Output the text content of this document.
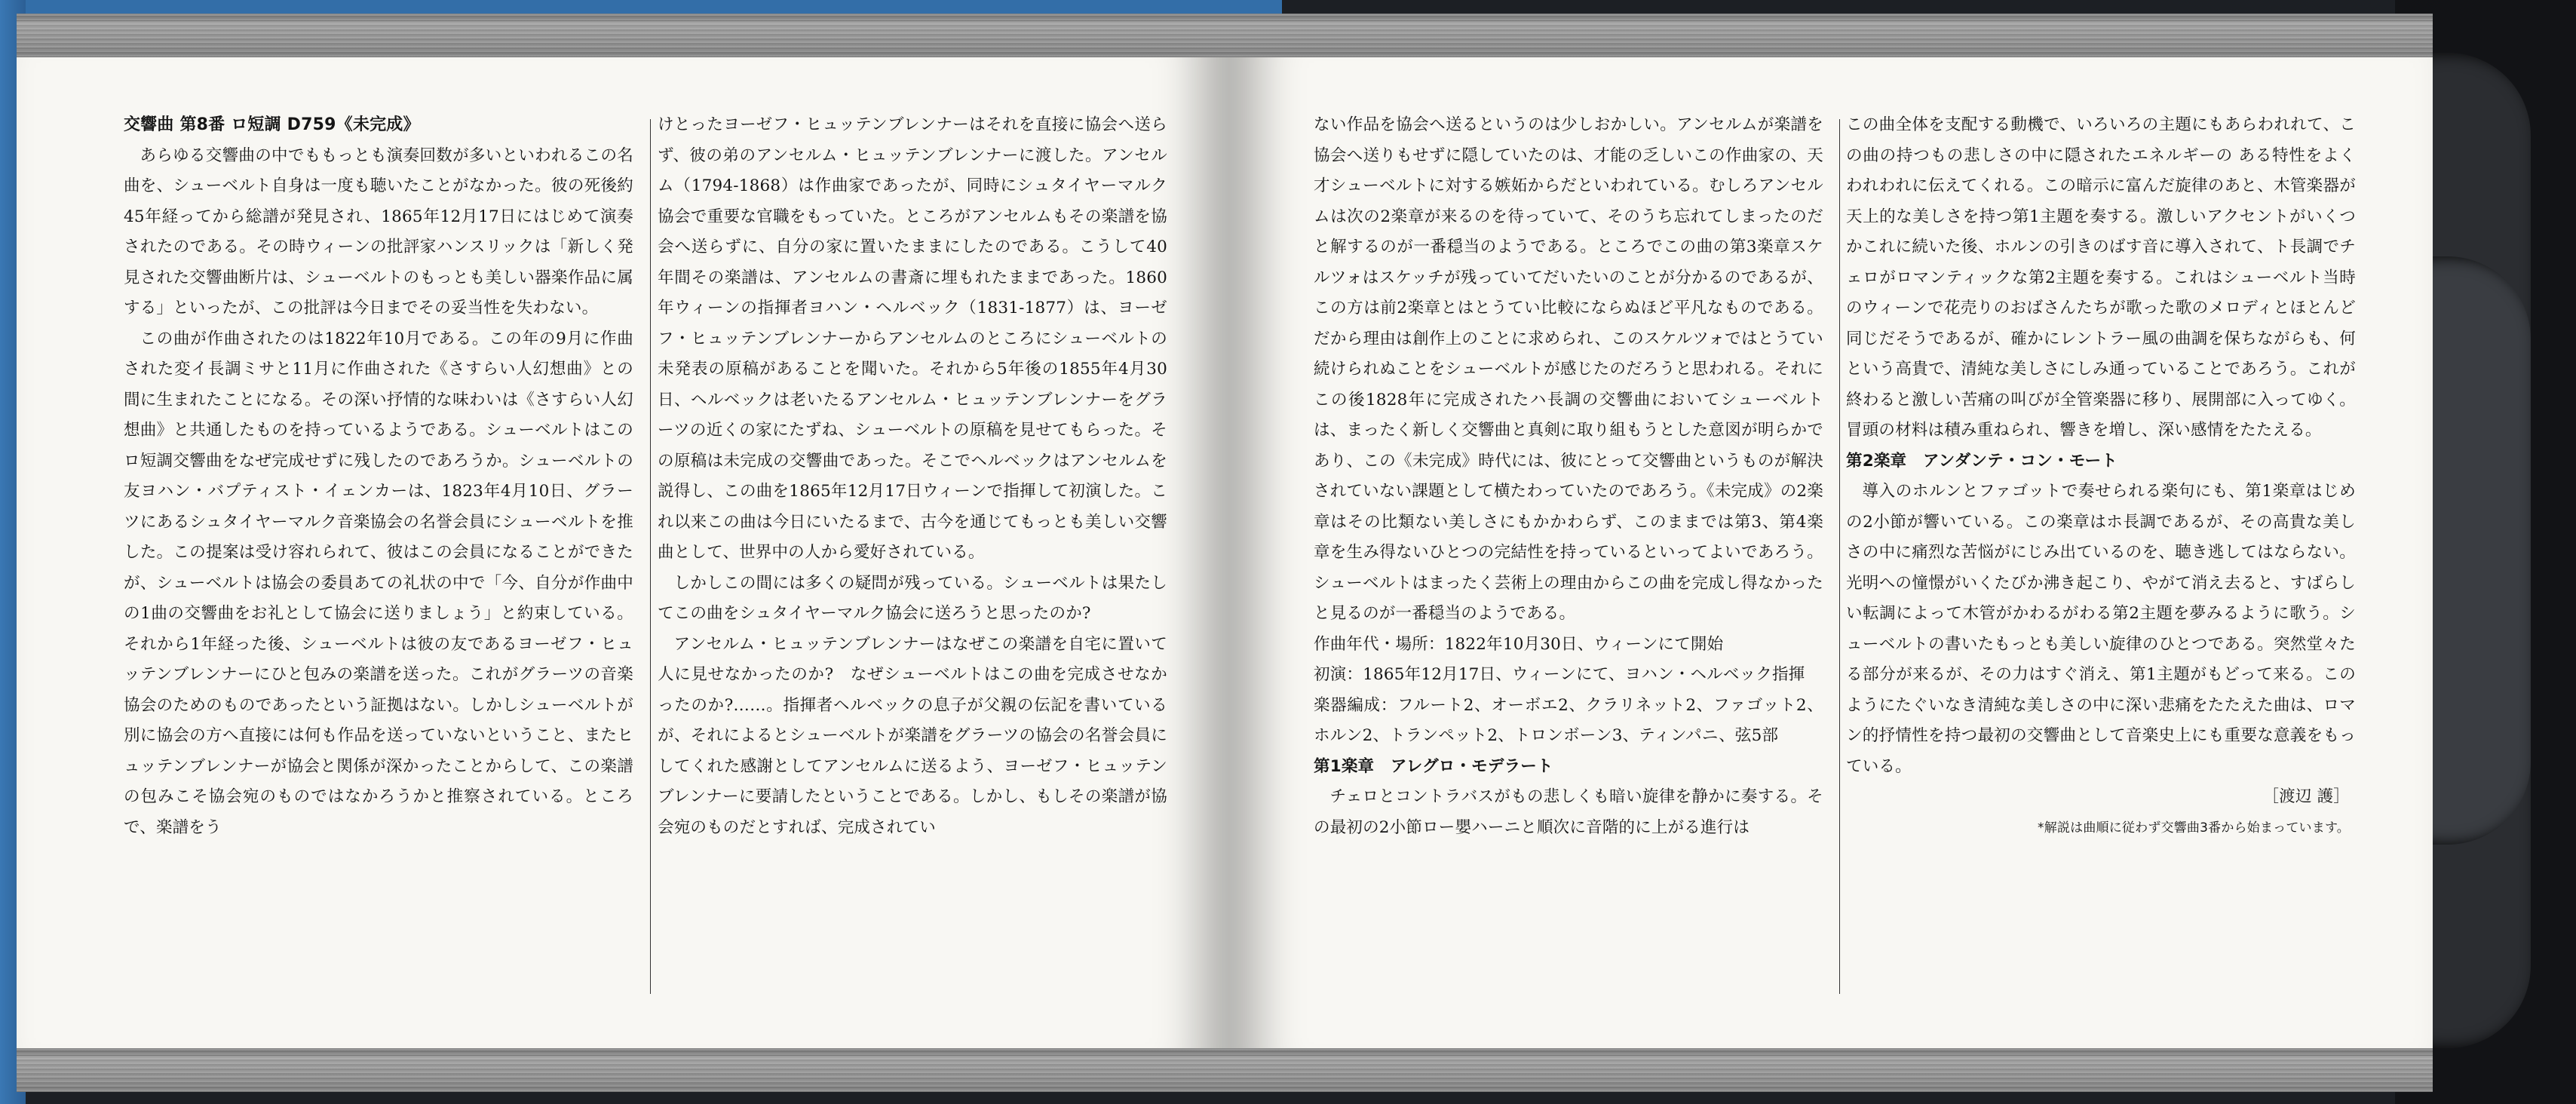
交響曲 第8番 ロ短調 D759《未完成》

あらゆる交響曲の中でももっとも演奏回数が多いといわれるこの名曲を、シューベルト自身は一度も聴いたことがなかった。彼の死後約45年経ってから総譜が発見され、1865年12月17日にはじめて演奏されたのである。その時ウィーンの批評家ハンスリックは「新しく発見された交響曲断片は、シューベルトのもっとも美しい器楽作品に属する」といったが、この批評は今日までその妥当性を失わない。

この曲が作曲されたのは1822年10月である。この年の9月に作曲された変イ長調ミサと11月に作曲された《さすらい人幻想曲》との間に生まれたことになる。その深い抒情的な味わいは《さすらい人幻想曲》と共通したものを持っているようである。シューベルトはこのロ短調交響曲をなぜ完成せずに残したのであろうか。シューベルトの友ヨハン・バプティスト・イェンカーは、1823年4月10日、グラーツにあるシュタイヤーマルク音楽協会の名誉会員にシューベルトを推した。この提案は受け容れられて、彼はこの会員になることができたが、シューベルトは協会の委員あての礼状の中で「今、自分が作曲中の1曲の交響曲をお礼として協会に送りましょう」と約束している。それから1年経った後、シューベルトは彼の友であるヨーゼフ・ヒュッテンブレンナーにひと包みの楽譜を送った。これがグラーツの音楽協会のためのものであったという証拠はない。しかしシューベルトが別に協会の方へ直接には何も作品を送っていないということ、またヒュッテンブレンナーが協会と関係が深かったことからして、この楽譜の包みこそ協会宛のものではなかろうかと推察されている。ところで、楽譜をう

けとったヨーゼフ・ヒュッテンブレンナーはそれを直接に協会へ送らず、彼の弟のアンセルム・ヒュッテンブレンナーに渡した。アンセルム（1794-1868）は作曲家であったが、同時にシュタイヤーマルク協会で重要な官職をもっていた。ところがアンセルムもその楽譜を協会へ送らずに、自分の家に置いたままにしたのである。こうして40年間その楽譜は、アンセルムの書斎に埋もれたままであった。1860年ウィーンの指揮者ヨハン・ヘルベック（1831-1877）は、ヨーゼフ・ヒュッテンブレンナーからアンセルムのところにシューベルトの未発表の原稿があることを聞いた。それから5年後の1855年4月30日、ヘルベックは老いたるアンセルム・ヒュッテンブレンナーをグラーツの近くの家にたずね、シューベルトの原稿を見せてもらった。その原稿は未完成の交響曲であった。そこでヘルベックはアンセルムを説得し、この曲を1865年12月17日ウィーンで指揮して初演した。これ以来この曲は今日にいたるまで、古今を通じてもっとも美しい交響曲として、世界中の人から愛好されている。

しかしこの間には多くの疑問が残っている。シューベルトは果たしてこの曲をシュタイヤーマルク協会に送ろうと思ったのか?

アンセルム・ヒュッテンブレンナーはなぜこの楽譜を自宅に置いて人に見せなかったのか?　なぜシューベルトはこの曲を完成させなかったのか?……。指揮者ヘルベックの息子が父親の伝記を書いているが、それによるとシューベルトが楽譜をグラーツの協会の名誉会員にしてくれた感謝としてアンセルムに送るよう、ヨーゼフ・ヒュッテンブレンナーに要請したということである。しかし、もしその楽譜が協会宛のものだとすれば、完成されてい

ない作品を協会へ送るというのは少しおかしい。アンセルムが楽譜を協会へ送りもせずに隠していたのは、才能の乏しいこの作曲家の、天才シューベルトに対する嫉妬からだといわれている。むしろアンセルムは次の2楽章が来るのを待っていて、そのうち忘れてしまったのだと解するのが一番穏当のようである。ところでこの曲の第3楽章スケルツォはスケッチが残っていてだいたいのことが分かるのであるが、この方は前2楽章とはとうてい比較にならぬほど平凡なものである。だから理由は創作上のことに求められ、このスケルツォではとうてい続けられぬことをシューベルトが感じたのだろうと思われる。それにこの後1828年に完成されたハ長調の交響曲においてシューベルトは、まったく新しく交響曲と真剣に取り組もうとした意図が明らかであり、この《未完成》時代には、彼にとって交響曲というものが解決されていない課題として横たわっていたのであろう。《未完成》の2楽章はその比類ない美しさにもかかわらず、このままでは第3、第4楽章を生み得ないひとつの完結性を持っているといってよいであろう。シューベルトはまったく芸術上の理由からこの曲を完成し得なかったと見るのが一番穏当のようである。

作曲年代・場所：1822年10月30日、ウィーンにて開始

初演：1865年12月17日、ウィーンにて、ヨハン・ヘルベック指揮

楽器編成：フルート2、オーボエ2、クラリネット2、ファゴット2、ホルン2、トランペット2、トロンボーン3、ティンパニ、弦5部

第1楽章　アレグロ・モデラート

チェロとコントラバスがもの悲しくも暗い旋律を静かに奏する。その最初の2小節ロー嬰ハーニと順次に音階的に上がる進行は

この曲全体を支配する動機で、いろいろの主題にもあらわれれて、この曲の持つもの悲しさの中に隠されたエネルギーの ある特性をよくわれわれに伝えてくれる。この暗示に富んだ旋律のあと、木管楽器が天上的な美しさを持つ第1主題を奏する。激しいアクセントがいくつかこれに続いた後、ホルンの引きのばす音に導入されて、ト長調でチェロがロマンティックな第2主題を奏する。これはシューベルト当時のウィーンで花売りのおばさんたちが歌った歌のメロディとほとんど同じだそうであるが、確かにレントラー風の曲調を保ちながらも、何という高貴で、清純な美しさにしみ通っていることであろう。これが終わると激しい苦痛の叫びが全管楽器に移り、展開部に入ってゆく。冒頭の材料は積み重ねられ、響きを増し、深い感情をたたえる。

第2楽章　アンダンテ・コン・モート

導入のホルンとファゴットで奏せられる楽句にも、第1楽章はじめの2小節が響いている。この楽章はホ長調であるが、その高貴な美しさの中に痛烈な苦悩がにじみ出ているのを、聴き逃してはならない。光明への憧憬がいくたびか沸き起こり、やがて消え去ると、すばらしい転調によって木管がかわるがわる第2主題を夢みるように歌う。シューベルトの書いたもっとも美しい旋律のひとつである。突然堂々たる部分が来るが、その力はすぐ消え、第1主題がもどって来る。このようにたぐいなき清純な美しさの中に深い悲痛をたたえた曲は、ロマン的抒情性を持つ最初の交響曲として音楽史上にも重要な意義をもっている。

［渡辺 護］

*解説は曲順に従わず交響曲3番から始まっています。
